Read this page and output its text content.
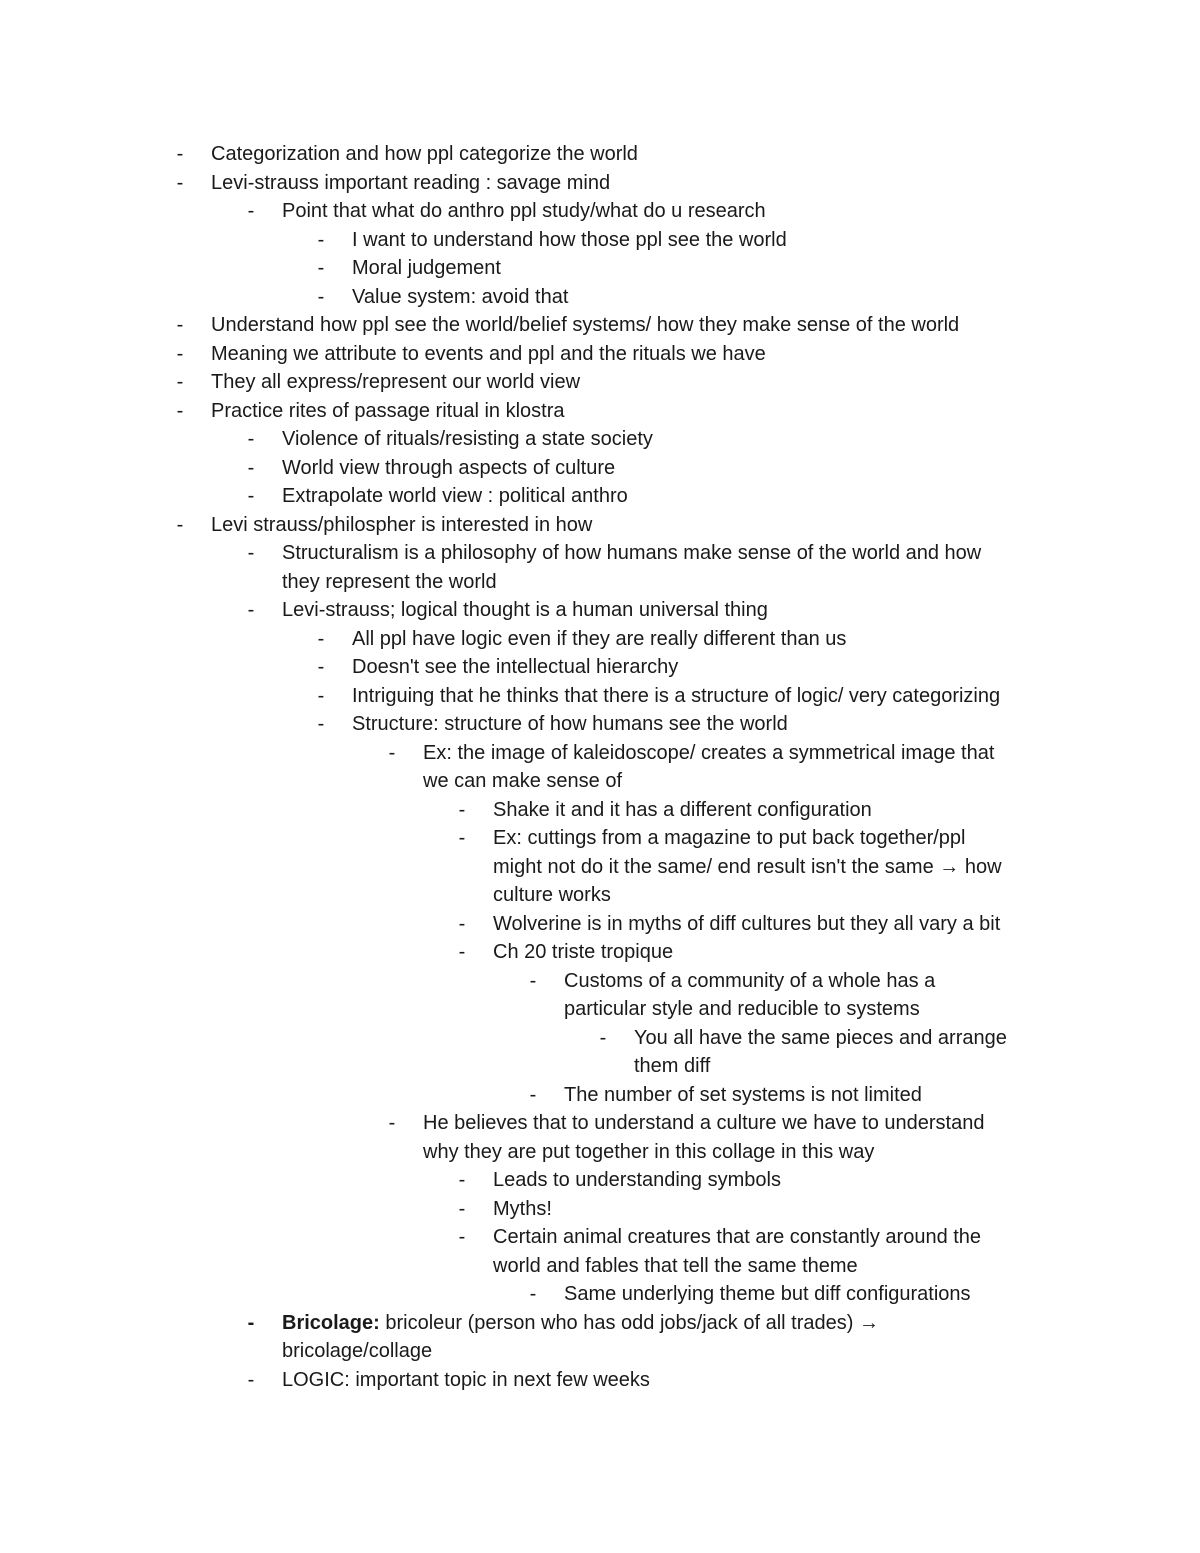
- Categorization and how ppl categorize the world
- Levi-strauss important reading : savage mind
- Point that what do anthro ppl study/what do u research
- I want to understand how those ppl see the world
- Moral judgement
- Value system: avoid that
- Understand how ppl see the world/belief systems/ how they make sense of the world
- Meaning we attribute to events and ppl and the rituals we have
- They all express/represent our world view
- Practice rites of passage ritual in klostra
- Violence of rituals/resisting a state society
- World view through aspects of culture
- Extrapolate world view : political anthro
- Levi strauss/philospher is interested in how
- Structuralism is a philosophy of how humans make sense of the world and how
they represent the world
- Levi-strauss; logical thought is a human universal thing
- All ppl have logic even if they are really different than us
- Doesn't see the intellectual hierarchy
- Intriguing that he thinks that there is a structure of logic/ very categorizing
- Structure: structure of how humans see the world
- Ex: the image of kaleidoscope/ creates a symmetrical image that
we can make sense of
- Shake it and it has a different configuration
- Ex: cuttings from a magazine to put back together/ppl
might not do it the same/ end result isn't the same → how
culture works
- Wolverine is in myths of diff cultures but they all vary a bit
- Ch 20 triste tropique
- Customs of a community of a whole has a
particular style and reducible to systems
- You all have the same pieces and arrange
them diff
- The number of set systems is not limited
- He believes that to understand a culture we have to understand
why they are put together in this collage in this way
- Leads to understanding symbols
- Myths!
- Certain animal creatures that are constantly around the
world and fables that tell the same theme
- Same underlying theme but diff configurations
- Bricolage: bricoleur (person who has odd jobs/jack of all trades) →
bricolage/collage
- LOGIC: important topic in next few weeks
